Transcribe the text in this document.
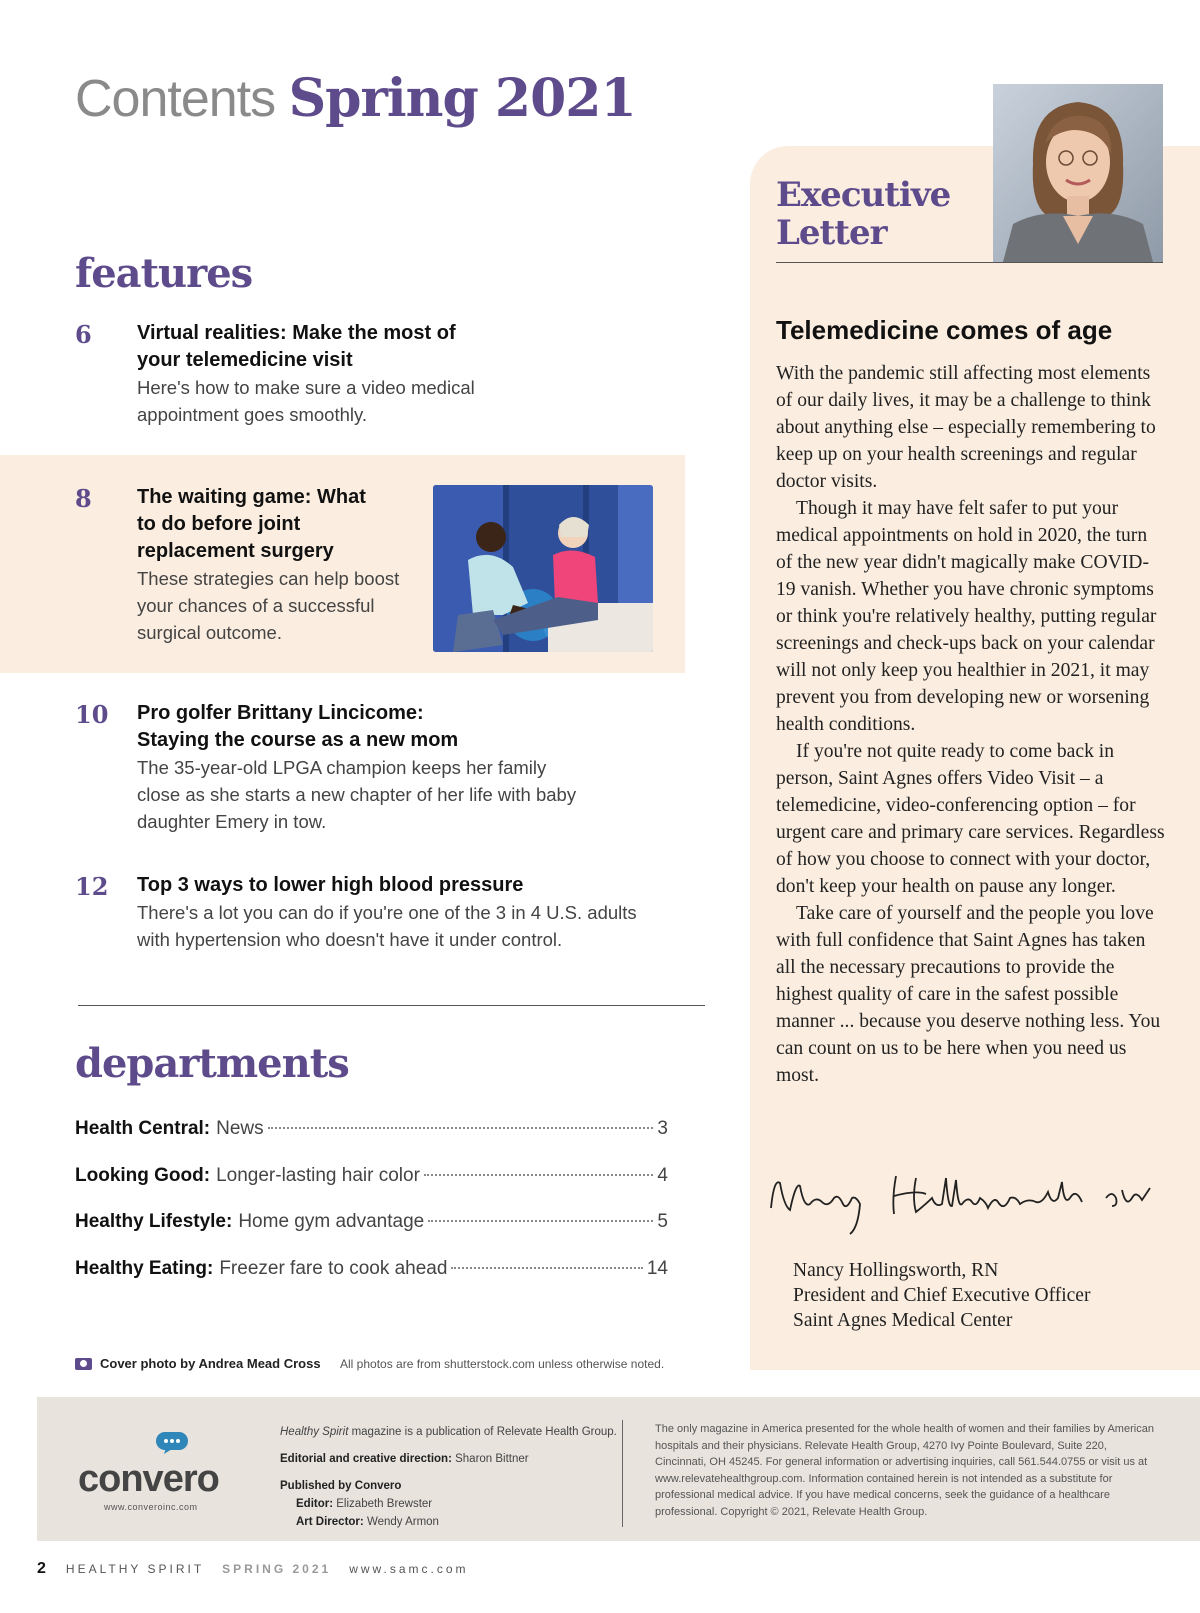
Contents Spring 2021
features
6 Virtual realities: Make the most of your telemedicine visit
Here's how to make sure a video medical appointment goes smoothly.
8 The waiting game: What to do before joint replacement surgery
These strategies can help boost your chances of a successful surgical outcome.
10 Pro golfer Brittany Lincicome: Staying the course as a new mom
The 35-year-old LPGA champion keeps her family close as she starts a new chapter of her life with baby daughter Emery in tow.
12 Top 3 ways to lower high blood pressure
There's a lot you can do if you're one of the 3 in 4 U.S. adults with hypertension who doesn't have it under control.
departments
Health Central: News	3
Looking Good: Longer-lasting hair color	4
Healthy Lifestyle: Home gym advantage	5
Healthy Eating: Freezer fare to cook ahead	14
Cover photo by Andrea Mead Cross All photos are from shutterstock.com unless otherwise noted.
Executive
Letter
Telemedicine comes of age

With the pandemic still affecting most elements of our daily lives, it may be a challenge to think about anything else – especially remembering to keep up on your health screenings and regular doctor visits.

Though it may have felt safer to put your medical appointments on hold in 2020, the turn of the new year didn't magically make COVID-19 vanish. Whether you have chronic symptoms or think you're relatively healthy, putting regular screenings and check-ups back on your calendar will not only keep you healthier in 2021, it may prevent you from developing new or worsening health conditions.

If you're not quite ready to come back in person, Saint Agnes offers Video Visit – a telemedicine, video-conferencing option – for urgent care and primary care services. Regardless of how you choose to connect with your doctor, don't keep your health on pause any longer.

Take care of yourself and the people you love with full confidence that Saint Agnes has taken all the necessary precautions to provide the highest quality of care in the safest possible manner ... because you deserve nothing less. You can count on us to be here when you need us most.

Nancy Hollingsworth, RN
President and Chief Executive Officer
Saint Agnes Medical Center
convero
www.converoinc.com
Healthy Spirit magazine is a publication of Relevate Health Group.
Editorial and creative direction: Sharon Bittner
Published by Convero
Editor: Elizabeth Brewster
Art Director: Wendy Armon
The only magazine in America presented for the whole health of women and their families by American hospitals and their physicians. Relevate Health Group, 4270 Ivy Pointe Boulevard, Suite 220, Cincinnati, OH 45245. For general information or advertising inquiries, call 561.544.0755 or visit us at www.relevatehealthgroup.com. Information contained herein is not intended as a substitute for professional medical advice. If you have medical concerns, seek the guidance of a healthcare professional. Copyright © 2021, Relevate Health Group.
2 HEALTHY SPIRIT SPRING 2021 www.samc.com
